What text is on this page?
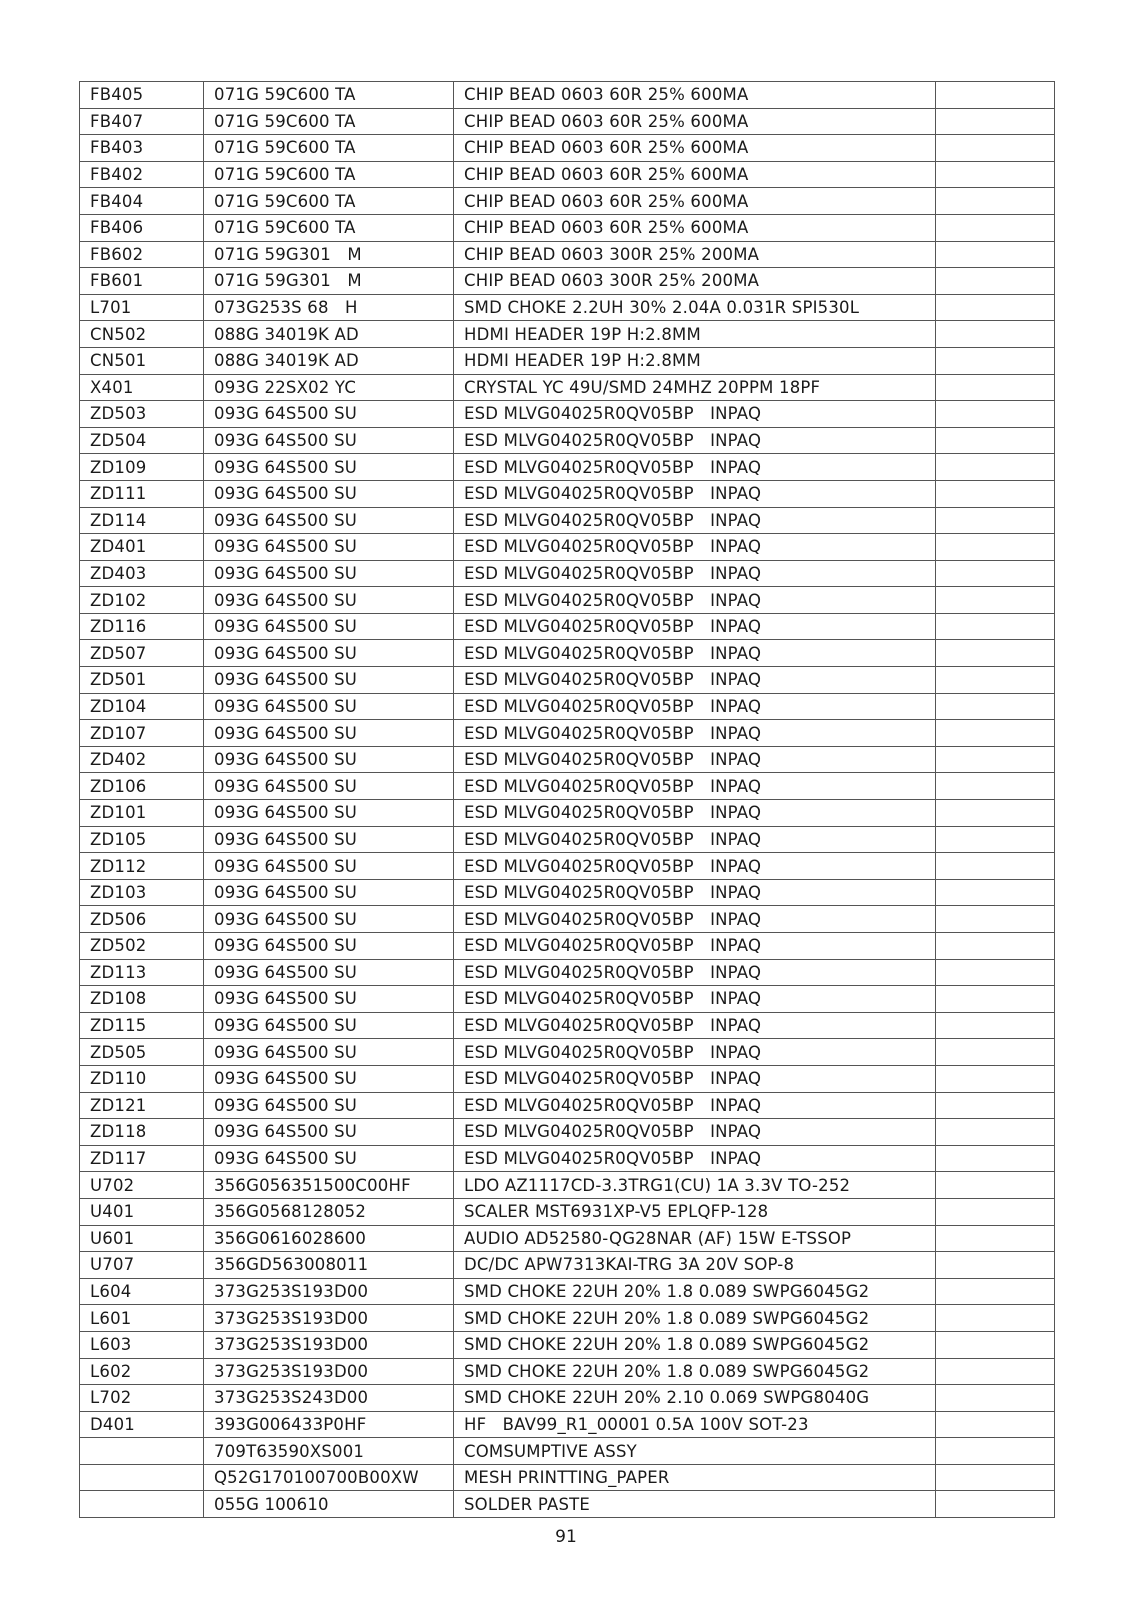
FB405	071G 59C600 TA	CHIP BEAD 0603 60R 25% 600MA	
FB407	071G 59C600 TA	CHIP BEAD 0603 60R 25% 600MA	
FB403	071G 59C600 TA	CHIP BEAD 0603 60R 25% 600MA	
FB402	071G 59C600 TA	CHIP BEAD 0603 60R 25% 600MA	
FB404	071G 59C600 TA	CHIP BEAD 0603 60R 25% 600MA	
FB406	071G 59C600 TA	CHIP BEAD 0603 60R 25% 600MA	
FB602	071G 59G301   M	CHIP BEAD 0603 300R 25% 200MA	
FB601	071G 59G301   M	CHIP BEAD 0603 300R 25% 200MA	
L701	073G253S 68   H	SMD CHOKE 2.2UH 30% 2.04A 0.031R SPI530L	
CN502	088G 34019K AD	HDMI HEADER 19P H:2.8MM	
CN501	088G 34019K AD	HDMI HEADER 19P H:2.8MM	
X401	093G 22SX02 YC	CRYSTAL YC 49U/SMD 24MHZ 20PPM 18PF	
ZD503	093G 64S500 SU	ESD MLVG04025R0QV05BP   INPAQ	
ZD504	093G 64S500 SU	ESD MLVG04025R0QV05BP   INPAQ	
ZD109	093G 64S500 SU	ESD MLVG04025R0QV05BP   INPAQ	
ZD111	093G 64S500 SU	ESD MLVG04025R0QV05BP   INPAQ	
ZD114	093G 64S500 SU	ESD MLVG04025R0QV05BP   INPAQ	
ZD401	093G 64S500 SU	ESD MLVG04025R0QV05BP   INPAQ	
ZD403	093G 64S500 SU	ESD MLVG04025R0QV05BP   INPAQ	
ZD102	093G 64S500 SU	ESD MLVG04025R0QV05BP   INPAQ	
ZD116	093G 64S500 SU	ESD MLVG04025R0QV05BP   INPAQ	
ZD507	093G 64S500 SU	ESD MLVG04025R0QV05BP   INPAQ	
ZD501	093G 64S500 SU	ESD MLVG04025R0QV05BP   INPAQ	
ZD104	093G 64S500 SU	ESD MLVG04025R0QV05BP   INPAQ	
ZD107	093G 64S500 SU	ESD MLVG04025R0QV05BP   INPAQ	
ZD402	093G 64S500 SU	ESD MLVG04025R0QV05BP   INPAQ	
ZD106	093G 64S500 SU	ESD MLVG04025R0QV05BP   INPAQ	
ZD101	093G 64S500 SU	ESD MLVG04025R0QV05BP   INPAQ	
ZD105	093G 64S500 SU	ESD MLVG04025R0QV05BP   INPAQ	
ZD112	093G 64S500 SU	ESD MLVG04025R0QV05BP   INPAQ	
ZD103	093G 64S500 SU	ESD MLVG04025R0QV05BP   INPAQ	
ZD506	093G 64S500 SU	ESD MLVG04025R0QV05BP   INPAQ	
ZD502	093G 64S500 SU	ESD MLVG04025R0QV05BP   INPAQ	
ZD113	093G 64S500 SU	ESD MLVG04025R0QV05BP   INPAQ	
ZD108	093G 64S500 SU	ESD MLVG04025R0QV05BP   INPAQ	
ZD115	093G 64S500 SU	ESD MLVG04025R0QV05BP   INPAQ	
ZD505	093G 64S500 SU	ESD MLVG04025R0QV05BP   INPAQ	
ZD110	093G 64S500 SU	ESD MLVG04025R0QV05BP   INPAQ	
ZD121	093G 64S500 SU	ESD MLVG04025R0QV05BP   INPAQ	
ZD118	093G 64S500 SU	ESD MLVG04025R0QV05BP   INPAQ	
ZD117	093G 64S500 SU	ESD MLVG04025R0QV05BP   INPAQ	
U702	356G056351500C00HF	LDO AZ1117CD-3.3TRG1(CU) 1A 3.3V TO-252	
U401	356G0568128052	SCALER MST6931XP-V5 EPLQFP-128	
U601	356G0616028600	AUDIO AD52580-QG28NAR (AF) 15W E-TSSOP	
U707	356GD563008011	DC/DC APW7313KAI-TRG 3A 20V SOP-8	
L604	373G253S193D00	SMD CHOKE 22UH 20% 1.8 0.089 SWPG6045G2	
L601	373G253S193D00	SMD CHOKE 22UH 20% 1.8 0.089 SWPG6045G2	
L603	373G253S193D00	SMD CHOKE 22UH 20% 1.8 0.089 SWPG6045G2	
L602	373G253S193D00	SMD CHOKE 22UH 20% 1.8 0.089 SWPG6045G2	
L702	373G253S243D00	SMD CHOKE 22UH 20% 2.10 0.069 SWPG8040G	
D401	393G006433P0HF	HF   BAV99_R1_00001 0.5A 100V SOT-23	
	709T63590XS001	COMSUMPTIVE ASSY	
	Q52G170100700B00XW	MESH PRINTTING_PAPER	
	055G 100610	SOLDER PASTE	
91
